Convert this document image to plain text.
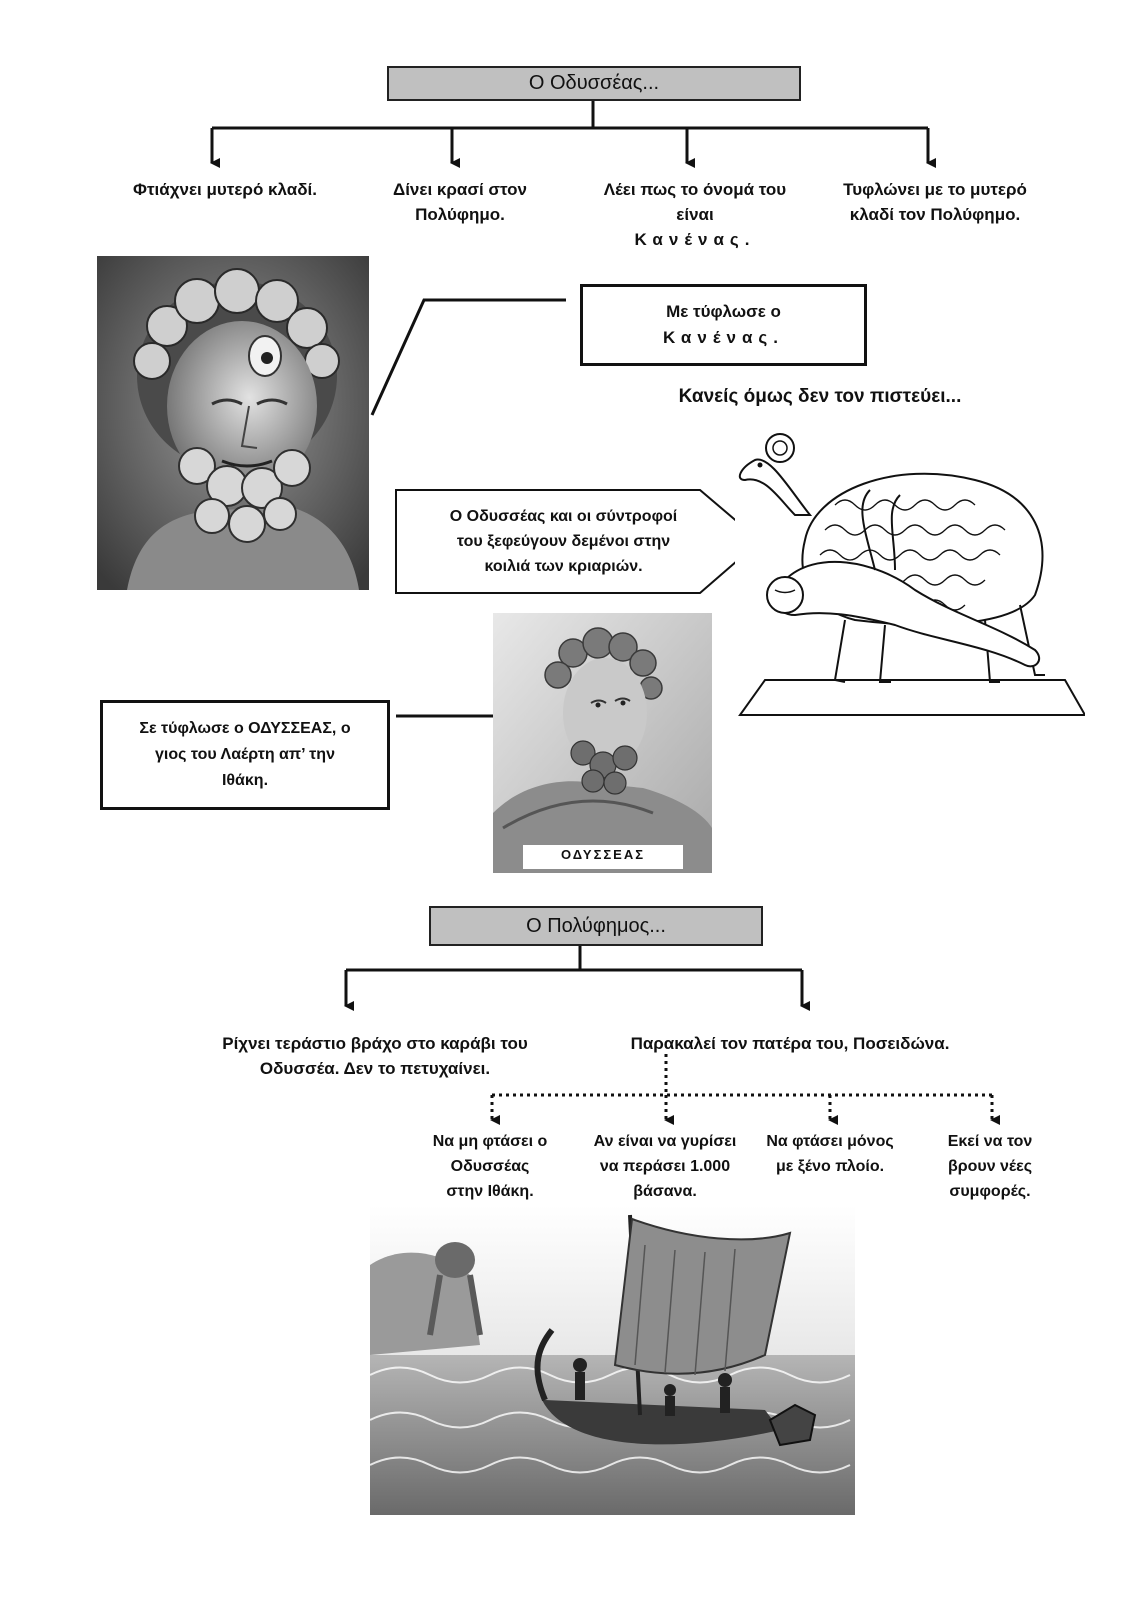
Ο Οδυσσέας...
Φτιάχνει μυτερό κλαδί.	Δίνει κρασί στον
Πολύφημο.
Λέει πως το όνομά του
είναι
Κανένας.
Τυφλώνει με το μυτερό
κλαδί τον Πολύφημο.
Με τύφλωσε ο
Κανένας.
Κανείς όμως δεν τον πιστεύει...
Ο Οδυσσέας και οι σύντροφοί
του ξεφεύγουν δεμένοι στην
κοιλιά των κριαριών.
ΟΔΥΣΣΕΑΣ
Σε τύφλωσε ο ΟΔΥΣΣΕΑΣ, ο
γιος του Λαέρτη απ’ την
Ιθάκη.
Ο Πολύφημος...
Ρίχνει τεράστιο βράχο στο καράβι του
Οδυσσέα. Δεν το πετυχαίνει.
Παρακαλεί τον πατέρα του, Ποσειδώνα.
Να μη φτάσει ο
Οδυσσέας
στην Ιθάκη.
Αν είναι να γυρίσει
να περάσει 1.000
βάσανα.
Να φτάσει μόνος
με ξένο πλοίο.
Εκεί να τον
βρουν νέες
συμφορές.
